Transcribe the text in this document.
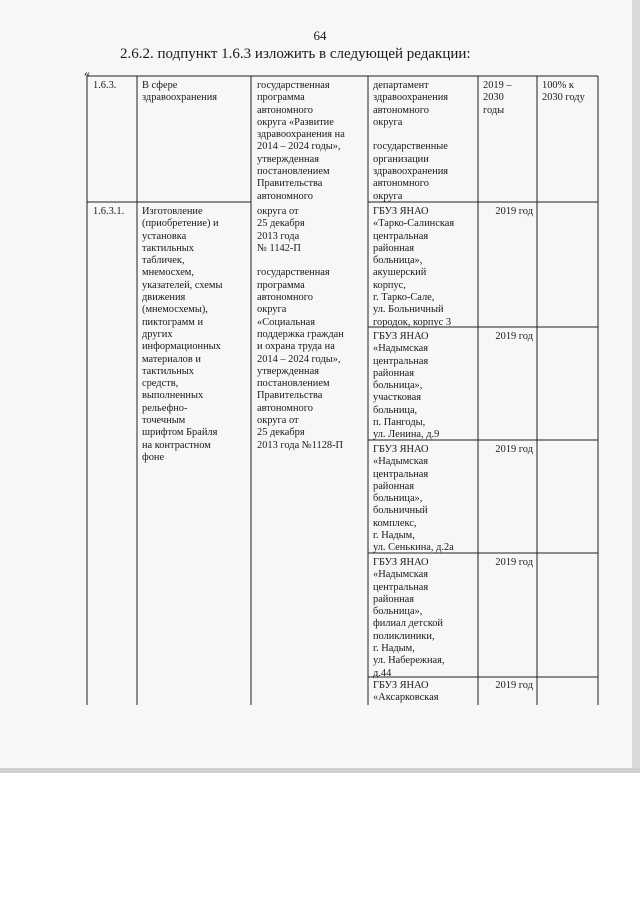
64
2.6.2. подпункт 1.6.3 изложить в следующей редакции:
«
1.6.3. В сфере
здравоохранения
государственная
программа
автономного
округа «Развитие
здравоохранения на
2014 – 2024 годы»,
утвержденная
постановлением
Правительства
автономного
департамент
здравоохранения
автономного
округа

государственные
организации
здравоохранения
автономного
округа
2019 –
2030
годы
100% к
2030 году
1.6.3.1. Изготовление
(приобретение) и
установка
тактильных
табличек,
мнемосхем,
указателей, схемы
движения
(мнемосхемы),
пиктограмм и
других
информационных
материалов и
тактильных
средств,
выполненных
рельефно-
точечным
шрифтом Брайля
на контрастном
фоне
округа от
25 декабря
2013 года
№ 1142-П

государственная
программа
автономного
округа
«Социальная
поддержка граждан
и охрана труда на
2014 – 2024 годы»,
утвержденная
постановлением
Правительства
автономного
округа от
25 декабря
2013 года №1128-П
ГБУЗ ЯНАО
«Тарко-Салинская
центральная
районная
больница»,
акушерский
корпус,
г. Тарко-Сале,
ул. Больничный
городок, корпус 3
2019 год
ГБУЗ ЯНАО
«Надымская
центральная
районная
больница»,
участковая
больница,
п. Пангоды,
ул. Ленина, д.9
2019 год
ГБУЗ ЯНАО
«Надымская
центральная
районная
больница»,
больничный
комплекс,
г. Надым,
ул. Сенькина, д.2а
2019 год
ГБУЗ ЯНАО
«Надымская
центральная
районная
больница»,
филиал детской
поликлиники,
г. Надым,
ул. Набережная,
д.44
2019 год
ГБУЗ ЯНАО
«Аксарковская
2019 год
